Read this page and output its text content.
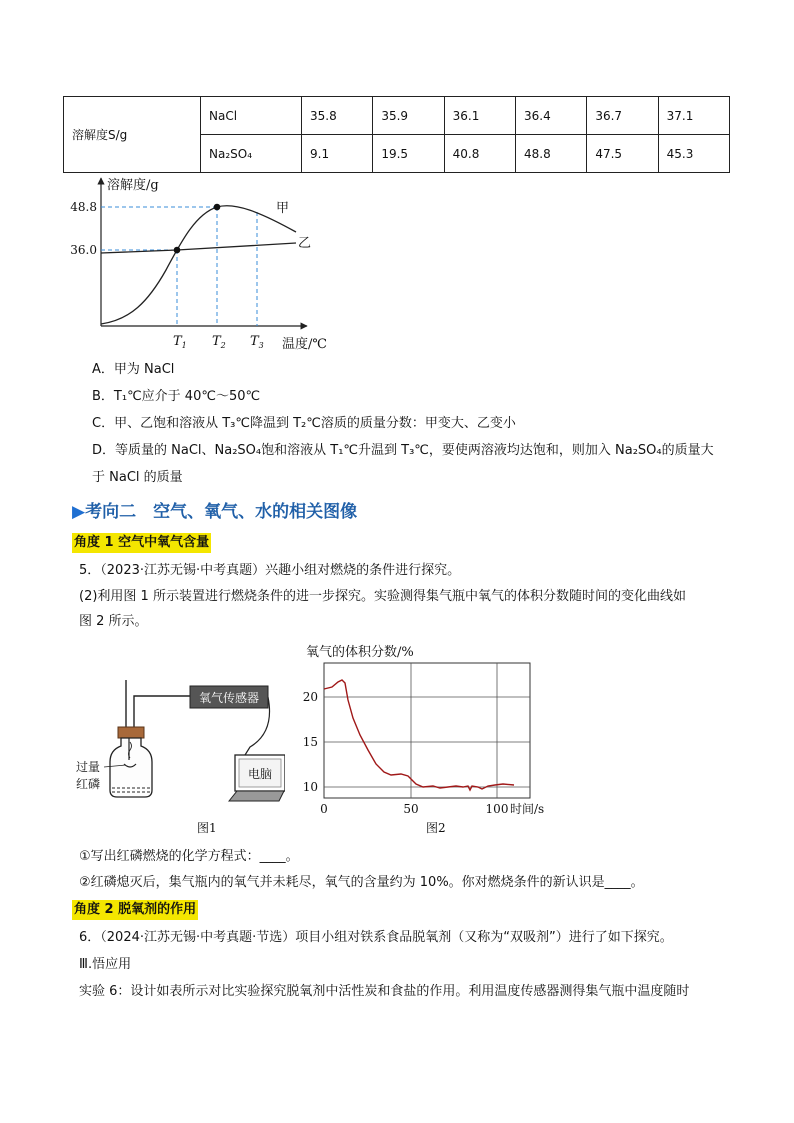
溶解度S/g	NaCl	35.8	35.9	36.1	36.4	36.7	37.1
	Na₂SO₄	9.1	19.5	40.8	48.8	47.5	45.3
溶解度/g
温度/℃
48.8
36.0
甲
乙
$T_1$ $T_2$ $T_3$
A．甲为 NaCl
B．T₁℃应介于 40℃～50℃
C．甲、乙饱和溶液从 T₃℃降温到 T₂℃溶质的质量分数：甲变大、乙变小
D．等质量的 NaCl、Na₂SO₄饱和溶液从 T₁℃升温到 T₃℃，要使两溶液均达饱和，则加入 Na₂SO₄的质量大
于 NaCl 的质量
▶考向二　空气、氧气、水的相关图像
角度 1 空气中氧气含量
5．（2023·江苏无锡·中考真题）兴趣小组对燃烧的条件进行探究。
(2)利用图 1 所示装置进行燃烧条件的进一步探究。实验测得集气瓶中氧气的体积分数随时间的变化曲线如
图 2 所示。
氧气传感器
电脑
过量
红磷
图1
氧气的体积分数/%
20
15
10
0	50	100 时间/s
图2
①写出红磷燃烧的化学方程式：____。
②红磷熄灭后，集气瓶内的氧气并未耗尽，氧气的含量约为 10%。你对燃烧条件的新认识是____。
角度 2 脱氧剂的作用
6．（2024·江苏无锡·中考真题·节选）项目小组对铁系食品脱氧剂（又称为“双吸剂”）进行了如下探究。
Ⅲ.悟应用
实验 6：设计如表所示对比实验探究脱氧剂中活性炭和食盐的作用。利用温度传感器测得集气瓶中温度随时
